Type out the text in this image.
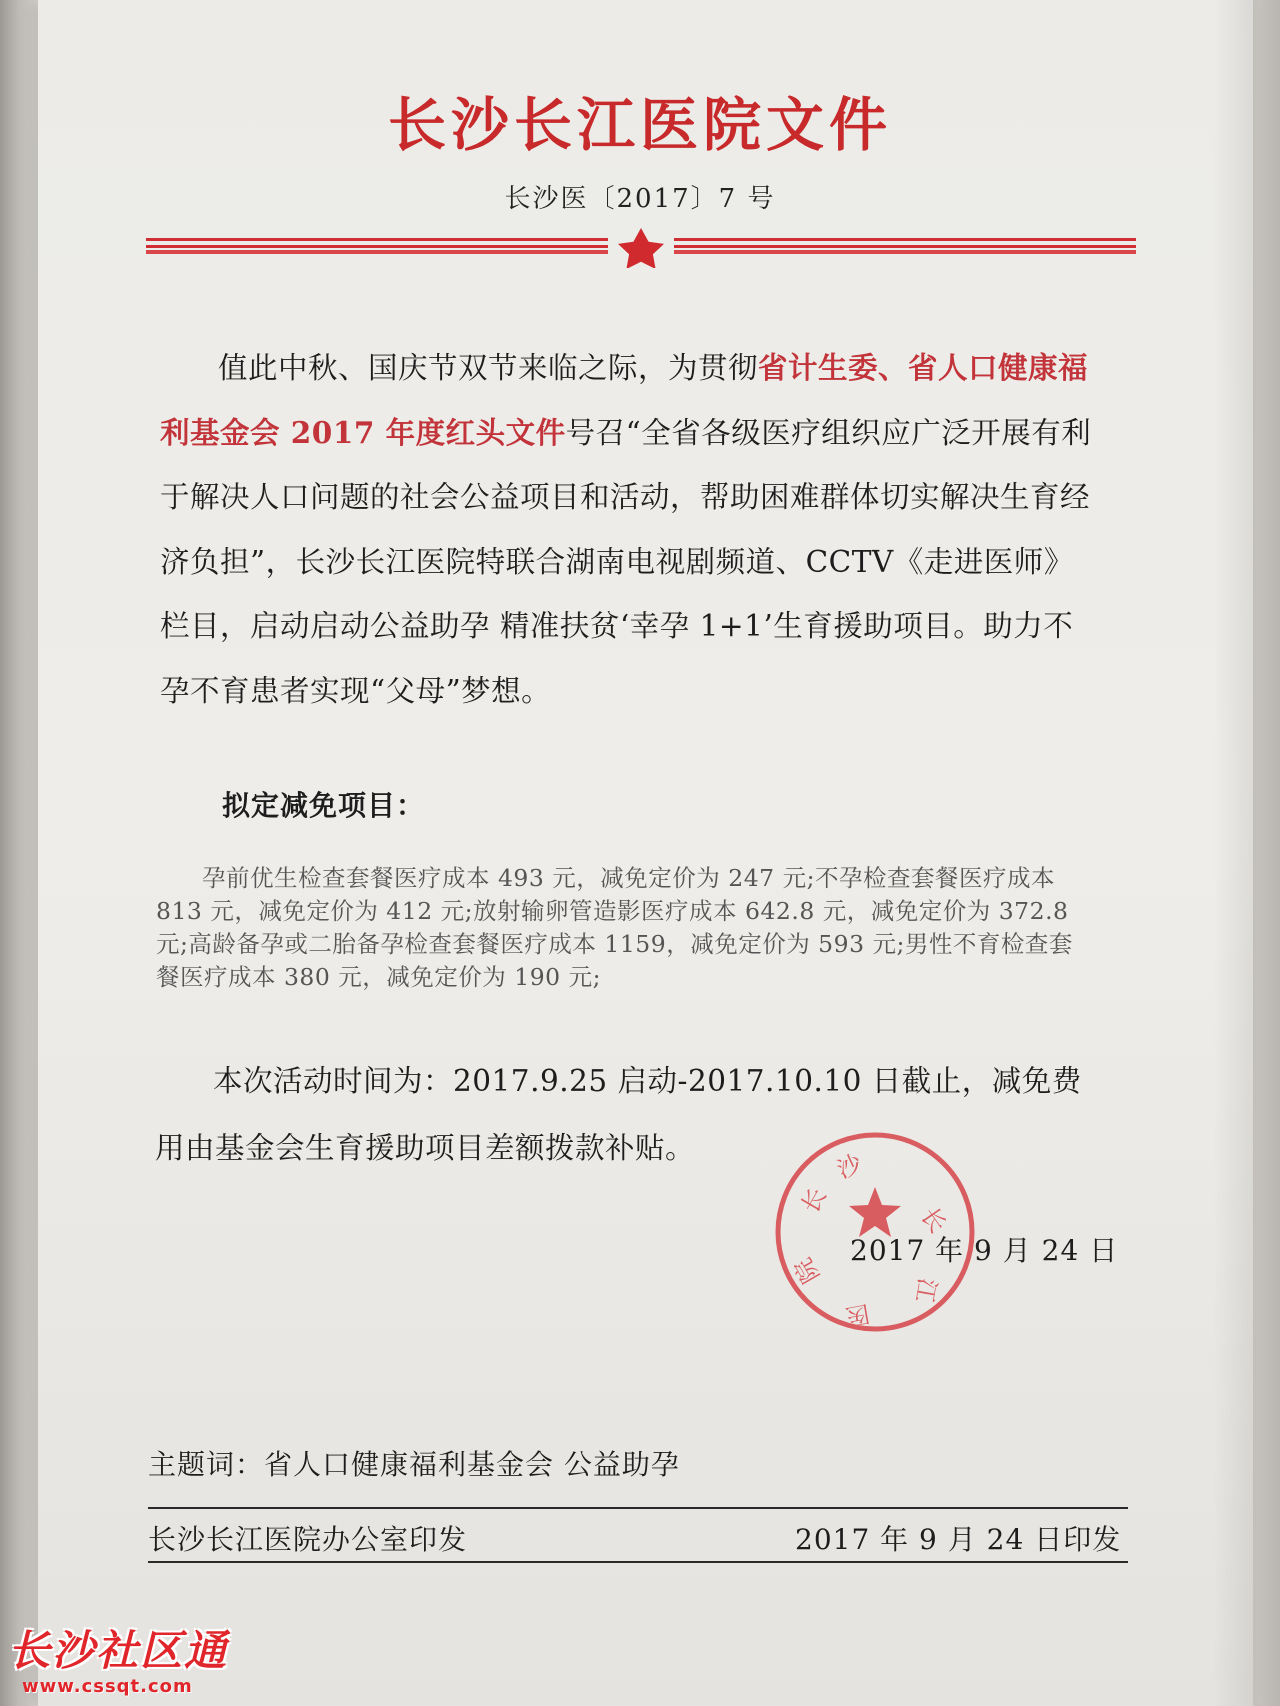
长沙长江医院文件
长沙医〔2017〕7 号

值此中秋、国庆节双节来临之际，为贯彻省计生委、省人口健康福利基金会 2017 年度红头文件号召“全省各级医疗组织应广泛开展有利于解决人口问题的社会公益项目和活动，帮助困难群体切实解决生育经济负担”，长沙长江医院特联合湖南电视剧频道、CCTV《走进医师》栏目，启动启动公益助孕 精准扶贫‘幸孕 1+1’生育援助项目。助力不孕不育患者实现“父母”梦想。

拟定减免项目：

孕前优生检查套餐医疗成本 493 元，减免定价为 247 元;不孕检查套餐医疗成本 813 元，减免定价为 412 元;放射输卵管造影医疗成本 642.8 元，减免定价为 372.8 元;高龄备孕或二胎备孕检查套餐医疗成本 1159，减免定价为 593 元;男性不育检查套餐医疗成本 380 元，减免定价为 190 元;

本次活动时间为：2017.9.25 启动-2017.10.10 日截止，减免费用由基金会生育援助项目差额拨款补贴。

长
沙
长
江
医
院
2017 年 9 月 24 日
主题词：省人口健康福利基金会 公益助孕
长沙长江医院办公室印发	2017 年 9 月 24 日印发
长沙社区通
www.cssqt.com
